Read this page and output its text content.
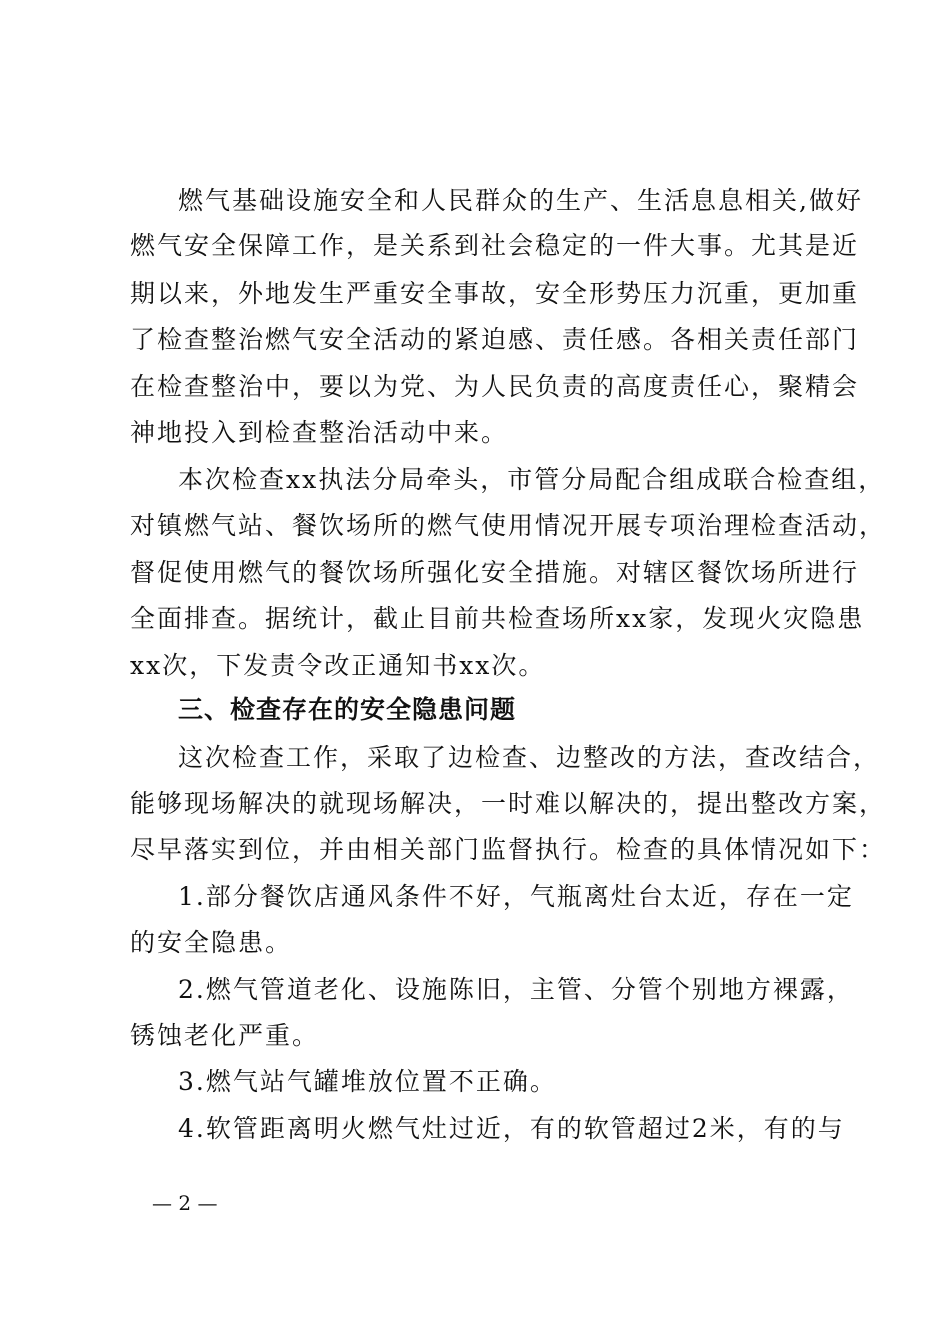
燃气基础设施安全和人民群众的生产、生活息息相关,做好
燃气安全保障工作，是关系到社会稳定的一件大事。尤其是近
期以来，外地发生严重安全事故，安全形势压力沉重，更加重
了检查整治燃气安全活动的紧迫感、责任感。各相关责任部门
在检查整治中，要以为党、为人民负责的高度责任心，聚精会
神地投入到检查整治活动中来。
本次检查xx执法分局牵头，市管分局配合组成联合检查组，
对镇燃气站、餐饮场所的燃气使用情况开展专项治理检查活动，
督促使用燃气的餐饮场所强化安全措施。对辖区餐饮场所进行
全面排查。据统计，截止目前共检查场所xx家，发现火灾隐患
xx次，下发责令改正通知书xx次。
三、检查存在的安全隐患问题
这次检查工作，采取了边检查、边整改的方法，查改结合，
能够现场解决的就现场解决，一时难以解决的，提出整改方案，
尽早落实到位，并由相关部门监督执行。检查的具体情况如下：
1.部分餐饮店通风条件不好，气瓶离灶台太近，存在一定
的安全隐患。
2.燃气管道老化、设施陈旧，主管、分管个别地方裸露，
锈蚀老化严重。
3.燃气站气罐堆放位置不正确。
4.软管距离明火燃气灶过近，有的软管超过2米，有的与
— 2 —
